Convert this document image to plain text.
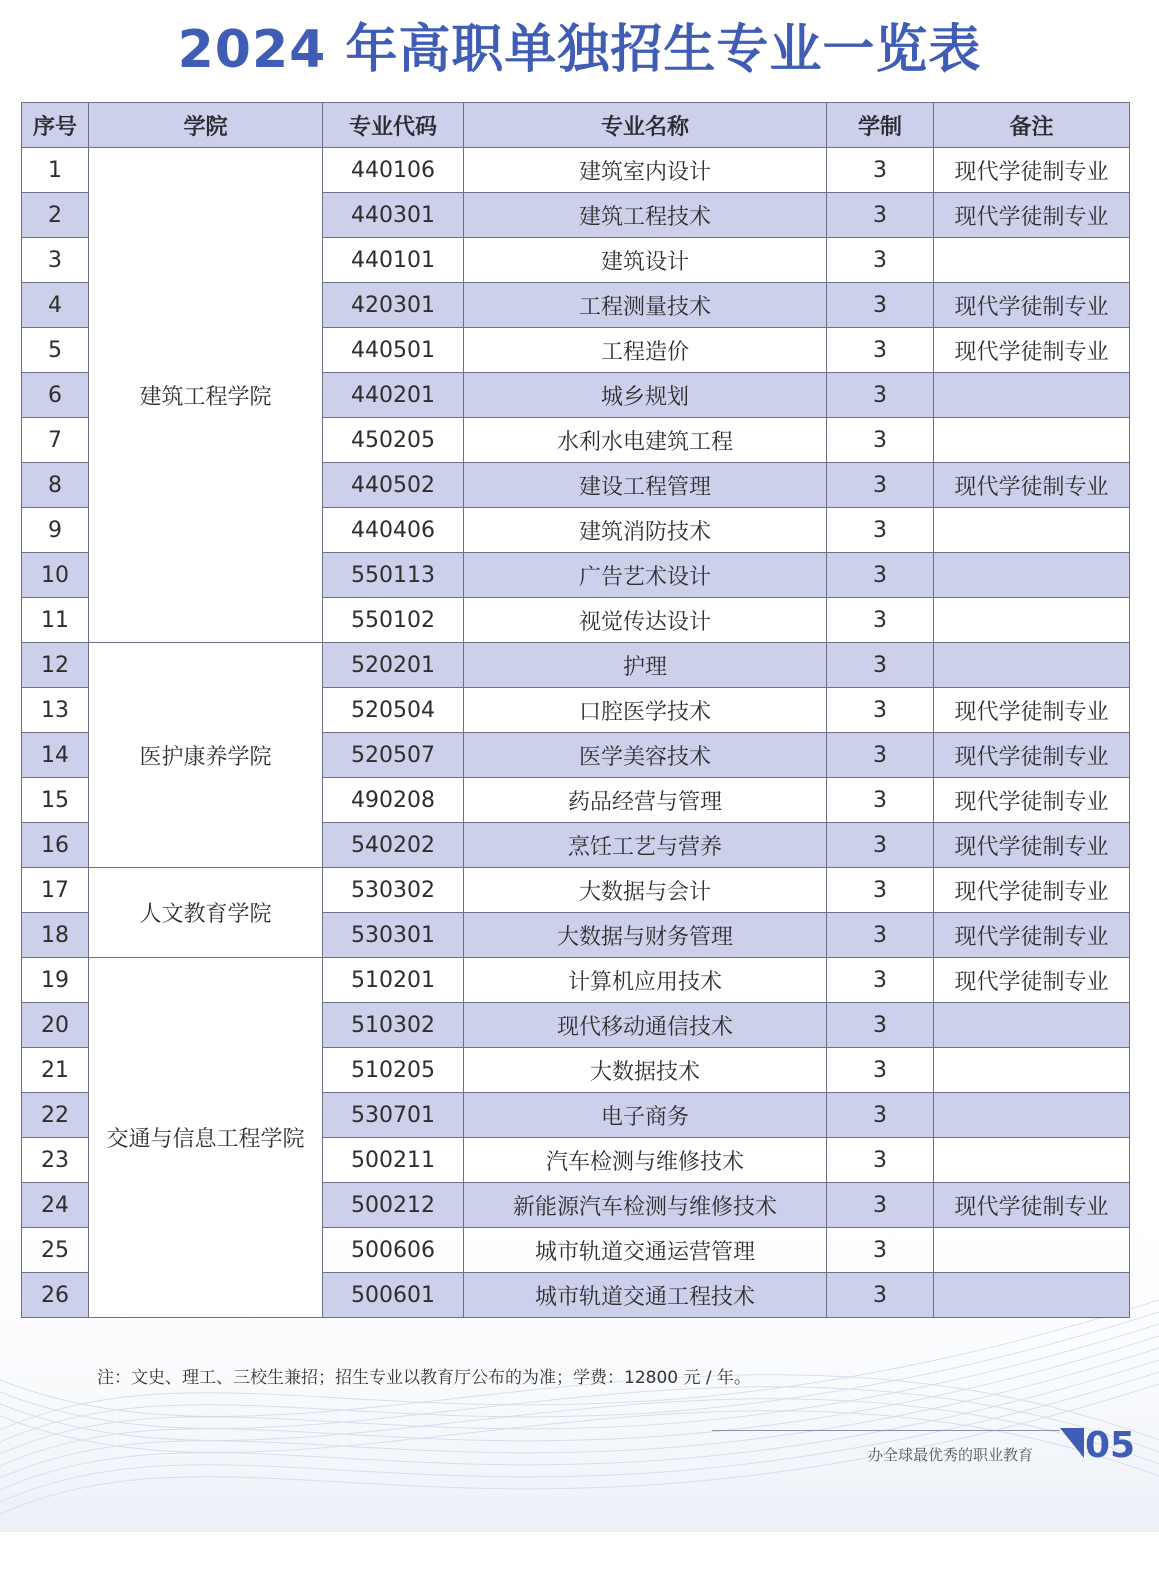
2024 年高职单独招生专业一览表
序号	学院	专业代码	专业名称	学制	备注
1	建筑工程学院	440106	建筑室内设计	3	现代学徒制专业
2		440301	建筑工程技术	3	现代学徒制专业
3		440101	建筑设计	3	
4		420301	工程测量技术	3	现代学徒制专业
5		440501	工程造价	3	现代学徒制专业
6		440201	城乡规划	3	
7		450205	水利水电建筑工程	3	
8		440502	建设工程管理	3	现代学徒制专业
9		440406	建筑消防技术	3	
10		550113	广告艺术设计	3	
11		550102	视觉传达设计	3	
12	医护康养学院	520201	护理	3	
13		520504	口腔医学技术	3	现代学徒制专业
14		520507	医学美容技术	3	现代学徒制专业
15		490208	药品经营与管理	3	现代学徒制专业
16		540202	烹饪工艺与营养	3	现代学徒制专业
17	人文教育学院	530302	大数据与会计	3	现代学徒制专业
18		530301	大数据与财务管理	3	现代学徒制专业
19	交通与信息工程学院	510201	计算机应用技术	3	现代学徒制专业
20		510302	现代移动通信技术	3	
21		510205	大数据技术	3	
22		530701	电子商务	3	
23		500211	汽车检测与维修技术	3	
24		500212	新能源汽车检测与维修技术	3	现代学徒制专业
25		500606	城市轨道交通运营管理	3	
26		500601	城市轨道交通工程技术	3	
注：文史、理工、三校生兼招；招生专业以教育厅公布的为准；学费：12800 元 / 年。
办全球最优秀的职业教育 05
